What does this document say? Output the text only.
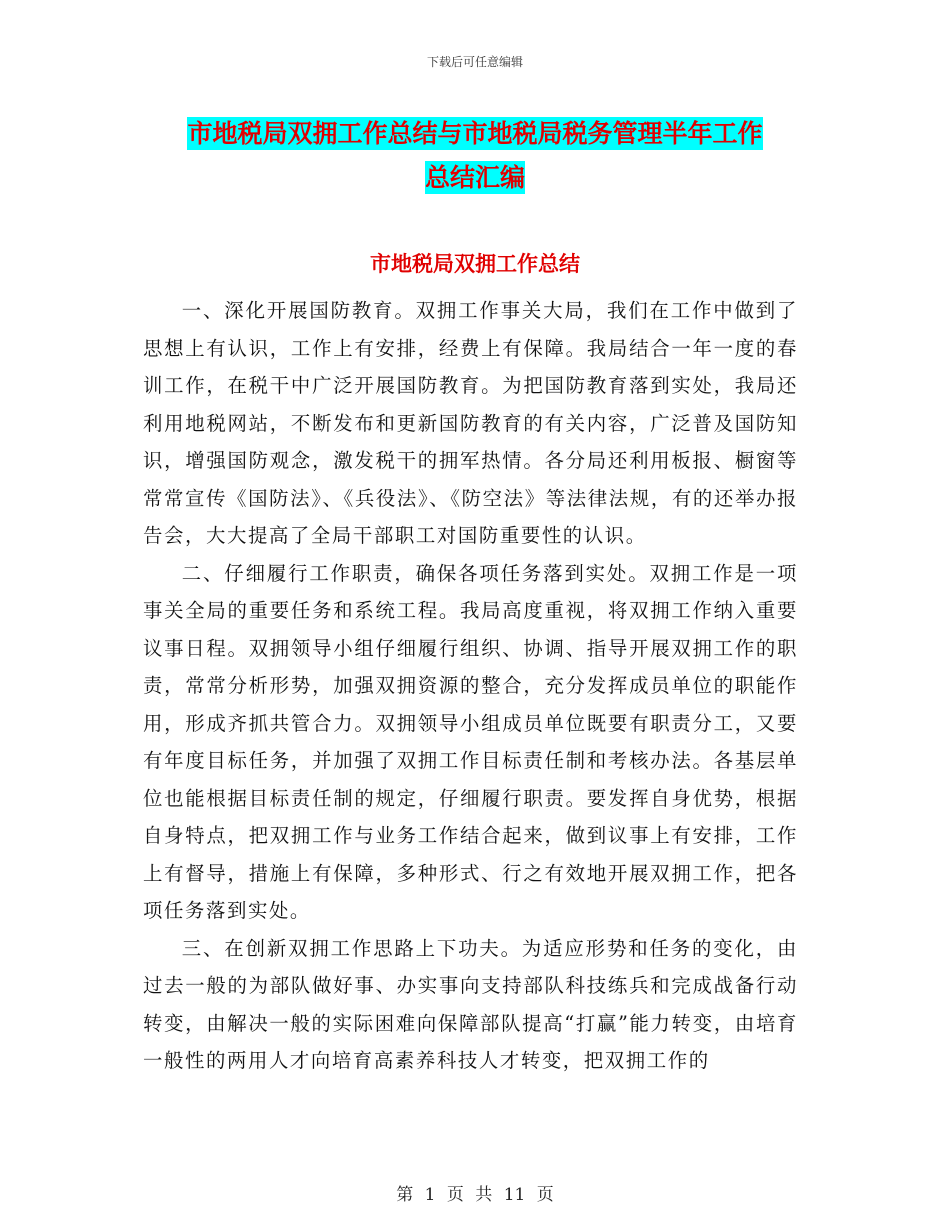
下载后可任意编辑
市地税局双拥工作总结与市地税局税务管理半年工作
总结汇编
市地税局双拥工作总结

一、深化开展国防教育。双拥工作事关大局，我们在工作中做到了思想上有认识，工作上有安排，经费上有保障。我局结合一年一度的春训工作，在税干中广泛开展国防教育。为把国防教育落到实处，我局还利用地税网站，不断发布和更新国防教育的有关内容，广泛普及国防知识，增强国防观念，激发税干的拥军热情。各分局还利用板报、橱窗等常常宣传《国防法》、《兵役法》、《防空法》等法律法规，有的还举办报告会，大大提高了全局干部职工对国防重要性的认识。

二、仔细履行工作职责，确保各项任务落到实处。双拥工作是一项事关全局的重要任务和系统工程。我局高度重视，将双拥工作纳入重要议事日程。双拥领导小组仔细履行组织、协调、指导开展双拥工作的职责，常常分析形势，加强双拥资源的整合，充分发挥成员单位的职能作用，形成齐抓共管合力。双拥领导小组成员单位既要有职责分工，又要有年度目标任务，并加强了双拥工作目标责任制和考核办法。各基层单位也能根据目标责任制的规定，仔细履行职责。要发挥自身优势，根据自身特点，把双拥工作与业务工作结合起来，做到议事上有安排，工作上有督导，措施上有保障，多种形式、行之有效地开展双拥工作，把各项任务落到实处。

三、在创新双拥工作思路上下功夫。为适应形势和任务的变化，由过去一般的为部队做好事、办实事向支持部队科技练兵和完成战备行动转变，由解决一般的实际困难向保障部队提高“打赢”能力转变，由培育一般性的两用人才向培育高素养科技人才转变，把双拥工作的

第 1 页 共 11 页
